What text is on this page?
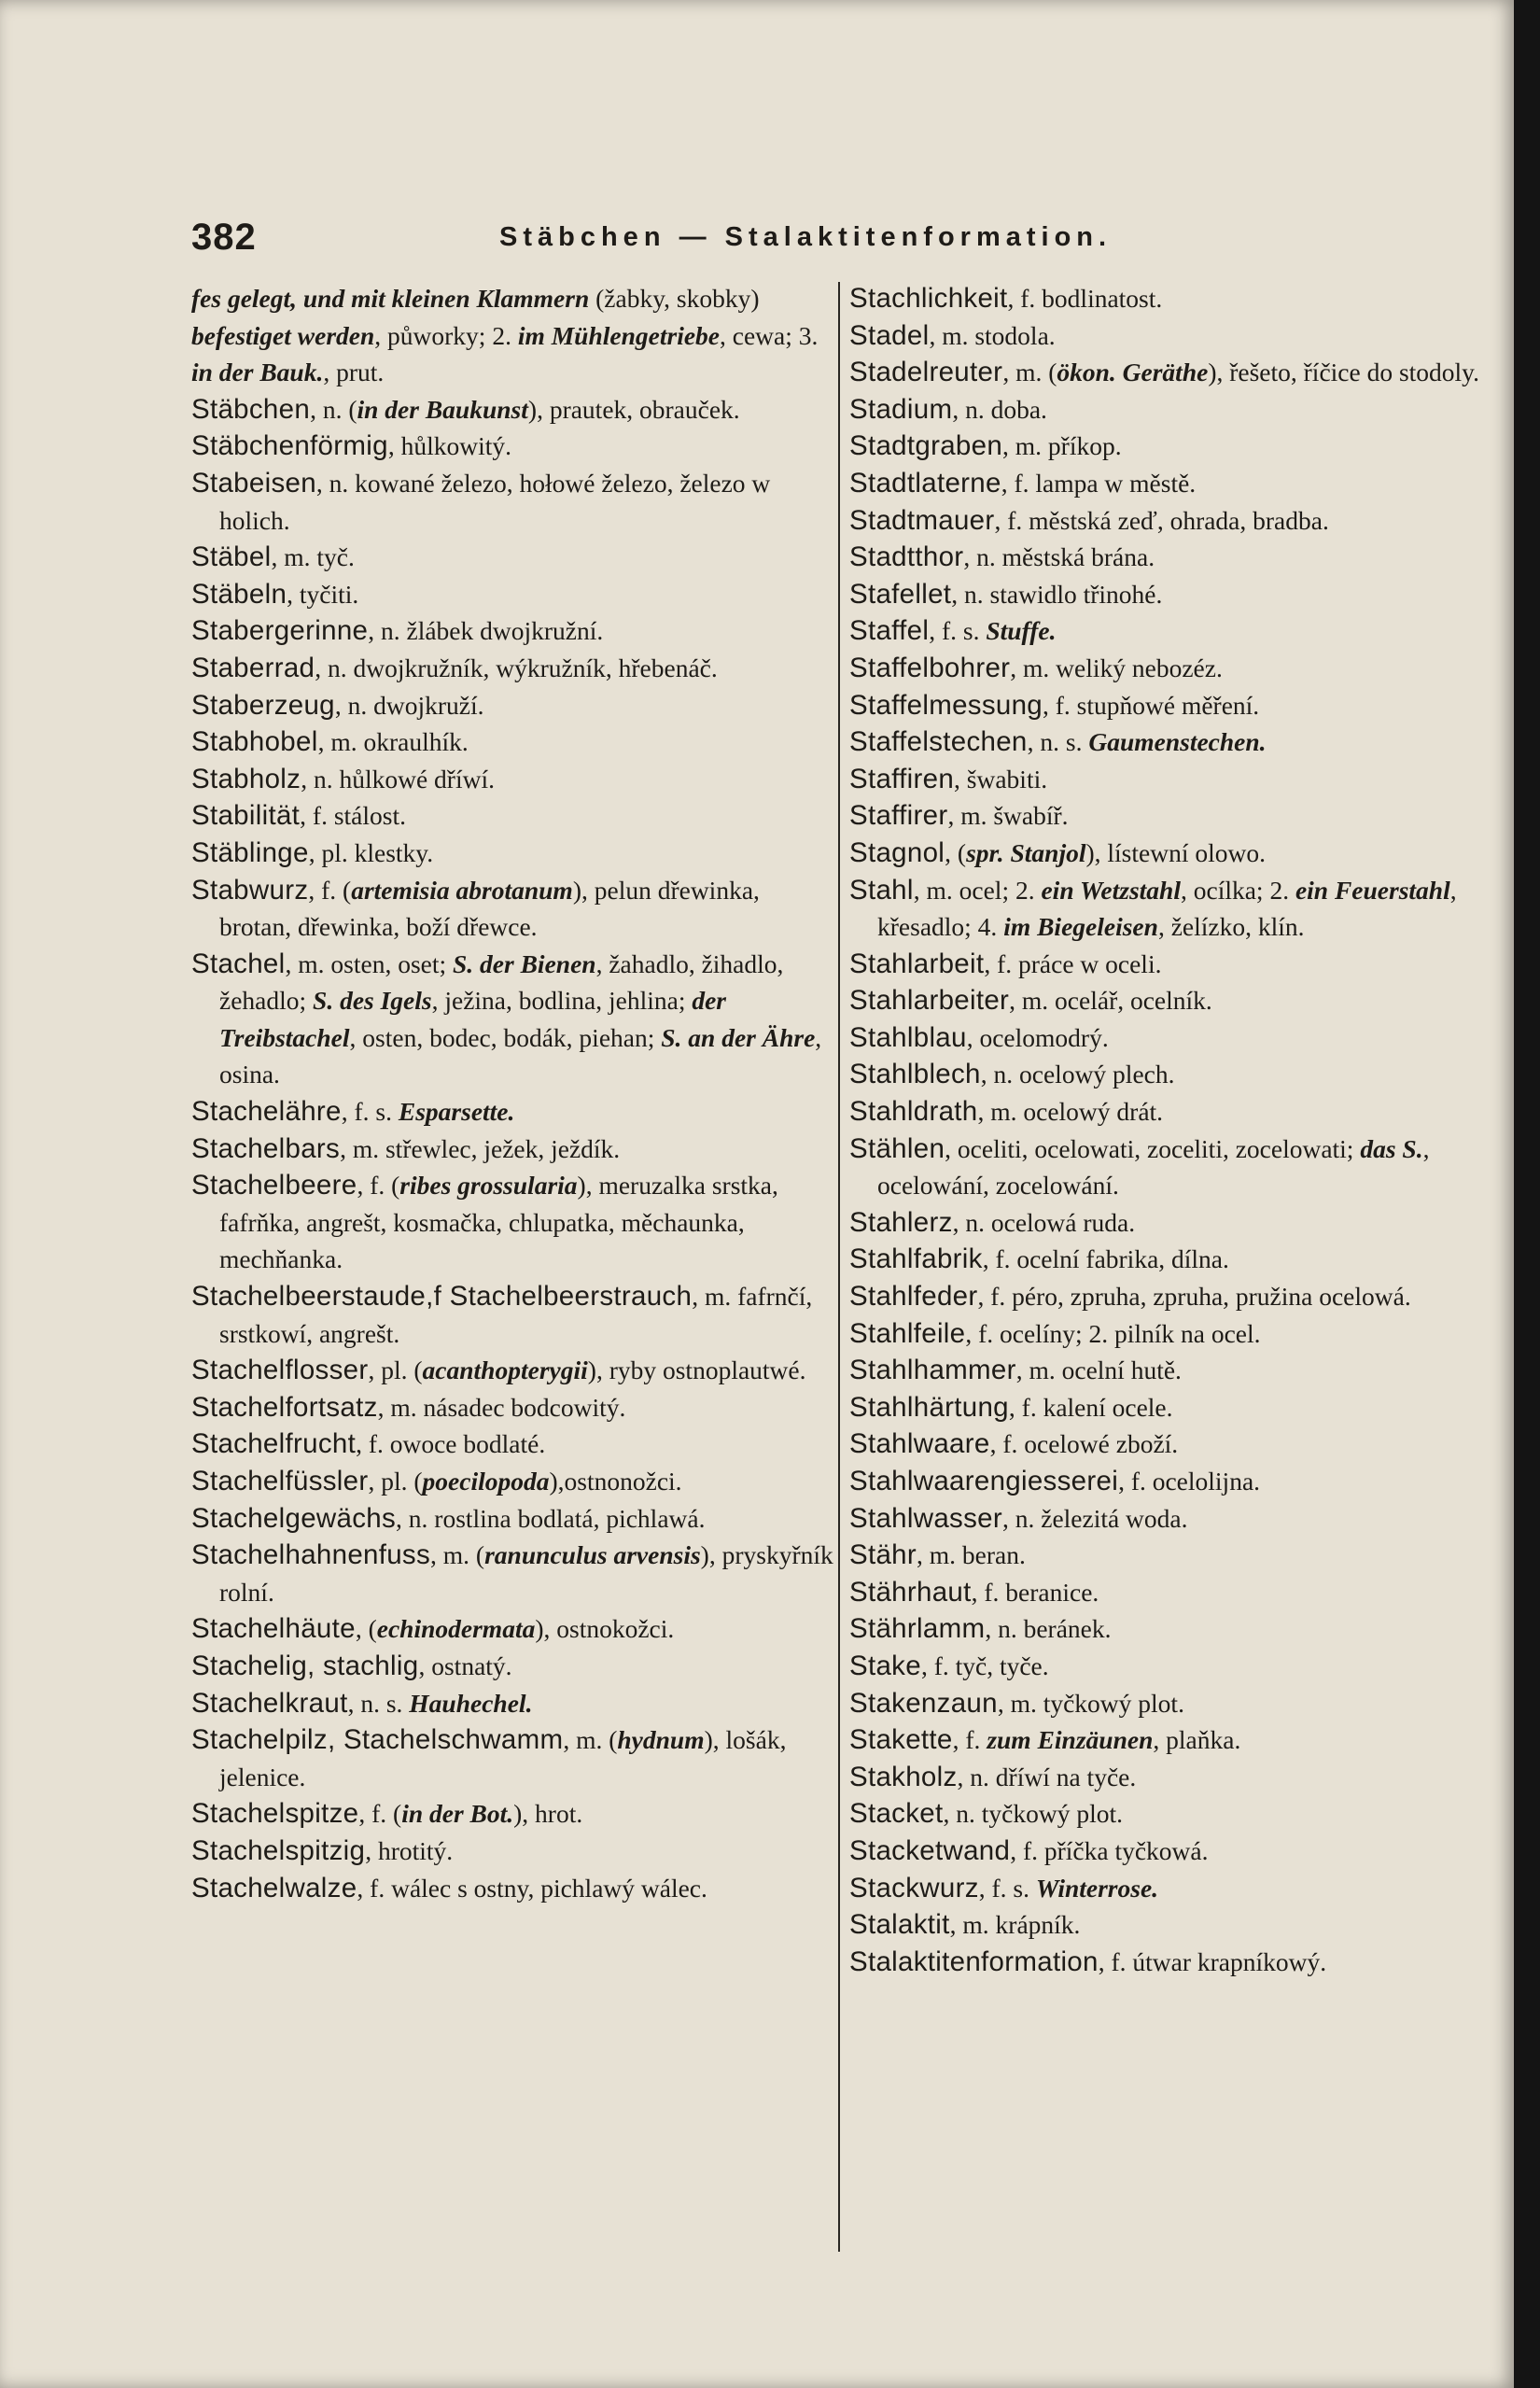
382	Stäbchen — Stalaktitenformation.

fes gelegt, und mit kleinen Klammern (žabky, skobky) befestiget werden, půworky; 2. im Mühlengetriebe, cewa; 3. in der Bauk., prut.

Stäbchen, n. (in der Baukunst), prautek, obrauček.

Stäbchenförmig, hůlkowitý.

Stabeisen, n. kowané železo, hołowé železo, železo w holich.

Stäbel, m. tyč.

Stäbeln, tyčiti.

Stabergerinne, n. žlábek dwojkružní.

Staberrad, n. dwojkružník, wýkružník, hřebenáč.

Staberzeug, n. dwojkruží.

Stabhobel, m. okraulhík.

Stabholz, n. hůlkowé dříwí.

Stabilität, f. stálost.

Stäblinge, pl. klestky.

Stabwurz, f. (artemisia abrotanum), pelun dřewinka, brotan, dřewinka, boží dřewce.

Stachel, m. osten, oset; S. der Bienen, žahadlo, žihadlo, žehadlo; S. des Igels, ježina, bodlina, jehlina; der Treibstachel, osten, bodec, bodák, piehan; S. an der Ähre, osina.

Stachelähre, f. s. Esparsette.

Stachelbars, m. střewlec, ježek, ježdík.

Stachelbeere, f. (ribes grossularia), meruzalka srstka, fafrňka, angrešt, kosmačka, chlupatka, měchaunka, mechňanka.

Stachelbeerstaude,f Stachelbeerstrauch, m. fafrnčí, srstkowí, angrešt.

Stachelflosser, pl. (acanthopterygii), ryby ostnoplautwé.

Stachelfortsatz, m. násadec bodcowitý.

Stachelfrucht, f. owoce bodlaté.

Stachelfüssler, pl. (poecilopoda),ostnonožci.

Stachelgewächs, n. rostlina bodlatá, pichlawá.

Stachelhahnenfuss, m. (ranunculus arvensis), pryskyřník rolní.

Stachelhäute, (echinodermata), ostnokožci.

Stachelig, stachlig, ostnatý.

Stachelkraut, n. s. Hauhechel.

Stachelpilz, Stachelschwamm, m. (hydnum), lošák, jelenice.

Stachelspitze, f. (in der Bot.), hrot.

Stachelspitzig, hrotitý.

Stachelwalze, f. wálec s ostny, pichlawý wálec.

Stachlichkeit, f. bodlinatost.

Stadel, m. stodola.

Stadelreuter, m. (ökon. Geräthe), řešeto, říčice do stodoly.

Stadium, n. doba.

Stadtgraben, m. příkop.

Stadtlaterne, f. lampa w městě.

Stadtmauer, f. městská zeď, ohrada, bradba.

Stadtthor, n. městská brána.

Stafellet, n. stawidlo třinohé.

Staffel, f. s. Stuffe.

Staffelbohrer, m. weliký nebozéz.

Staffelmessung, f. stupňowé měření.

Staffelstechen, n. s. Gaumenstechen.

Staffiren, šwabiti.

Staffirer, m. šwabíř.

Stagnol, (spr. Stanjol), lístewní olowo.

Stahl, m. ocel; 2. ein Wetzstahl, ocílka; 2. ein Feuerstahl, křesadlo; 4. im Biegeleisen, želízko, klín.

Stahlarbeit, f. práce w oceli.

Stahlarbeiter, m. ocelář, ocelník.

Stahlblau, ocelomodrý.

Stahlblech, n. ocelowý plech.

Stahldrath, m. ocelowý drát.

Stählen, oceliti, ocelowati, zoceliti, zocelowati; das S., ocelowání, zocelowání.

Stahlerz, n. ocelowá ruda.

Stahlfabrik, f. ocelní fabrika, dílna.

Stahlfeder, f. péro, zpruha, zpruha, pružina ocelowá.

Stahlfeile, f. ocelíny; 2. pilník na ocel.

Stahlhammer, m. ocelní hutě.

Stahlhärtung, f. kalení ocele.

Stahlwaare, f. ocelowé zboží.

Stahlwaarengiesserei, f. ocelolijna.

Stahlwasser, n. železitá woda.

Stähr, m. beran.

Stährhaut, f. beranice.

Stährlamm, n. beránek.

Stake, f. tyč, tyče.

Stakenzaun, m. tyčkowý plot.

Stakette, f. zum Einzäunen, plaňka.

Stakholz, n. dříwí na tyče.

Stacket, n. tyčkowý plot.

Stacketwand, f. příčka tyčkowá.

Stackwurz, f. s. Winterrose.

Stalaktit, m. krápník.

Stalaktitenformation, f. útwar krapníkowý.
